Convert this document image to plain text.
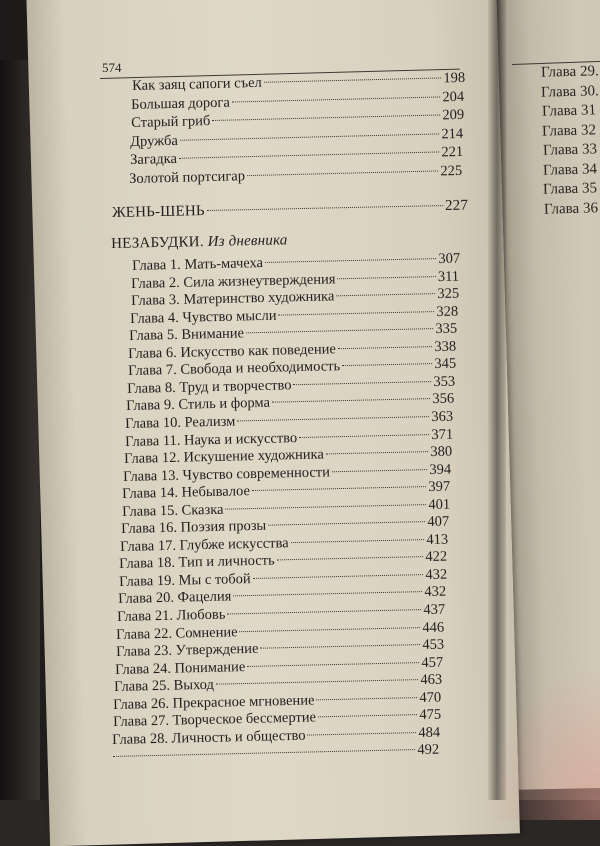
574
Как заяц сапоги съел	198
Большая дорога	204
Старый гриб	209
Дружба	214
Загадка	221
Золотой портсигар	225
ЖЕНЬ-ШЕНЬ	227
НЕЗАБУДКИ. Из дневника
Глава 1. Мать-мачеха	307
Глава 2. Сила жизнеутверждения	311
Глава 3. Материнство художника	325
Глава 4. Чувство мысли	328
Глава 5. Внимание	335
Глава 6. Искусство как поведение	338
Глава 7. Свобода и необходимость	345
Глава 8. Труд и творчество	353
Глава 9. Стиль и форма	356
Глава 10. Реализм	363
Глава 11. Наука и искусство	371
Глава 12. Искушение художника	380
Глава 13. Чувство современности	394
Глава 14. Небывалое	397
Глава 15. Сказка	401
Глава 16. Поэзия прозы	407
Глава 17. Глубже искусства	413
Глава 18. Тип и личность	422
Глава 19. Мы с тобой	432
Глава 20. Фацелия	432
Глава 21. Любовь	437
Глава 22. Сомнение	446
Глава 23. Утверждение	453
Глава 24. Понимание	457
Глава 25. Выход	463
Глава 26. Прекрасное мгновение	470
Глава 27. Творческое бессмертие	475
Глава 28. Личность и общество	484
492
Глава 29.
Глава 30.
Глава 31
Глава 32
Глава 33
Глава 34
Глава 35
Глава 36
